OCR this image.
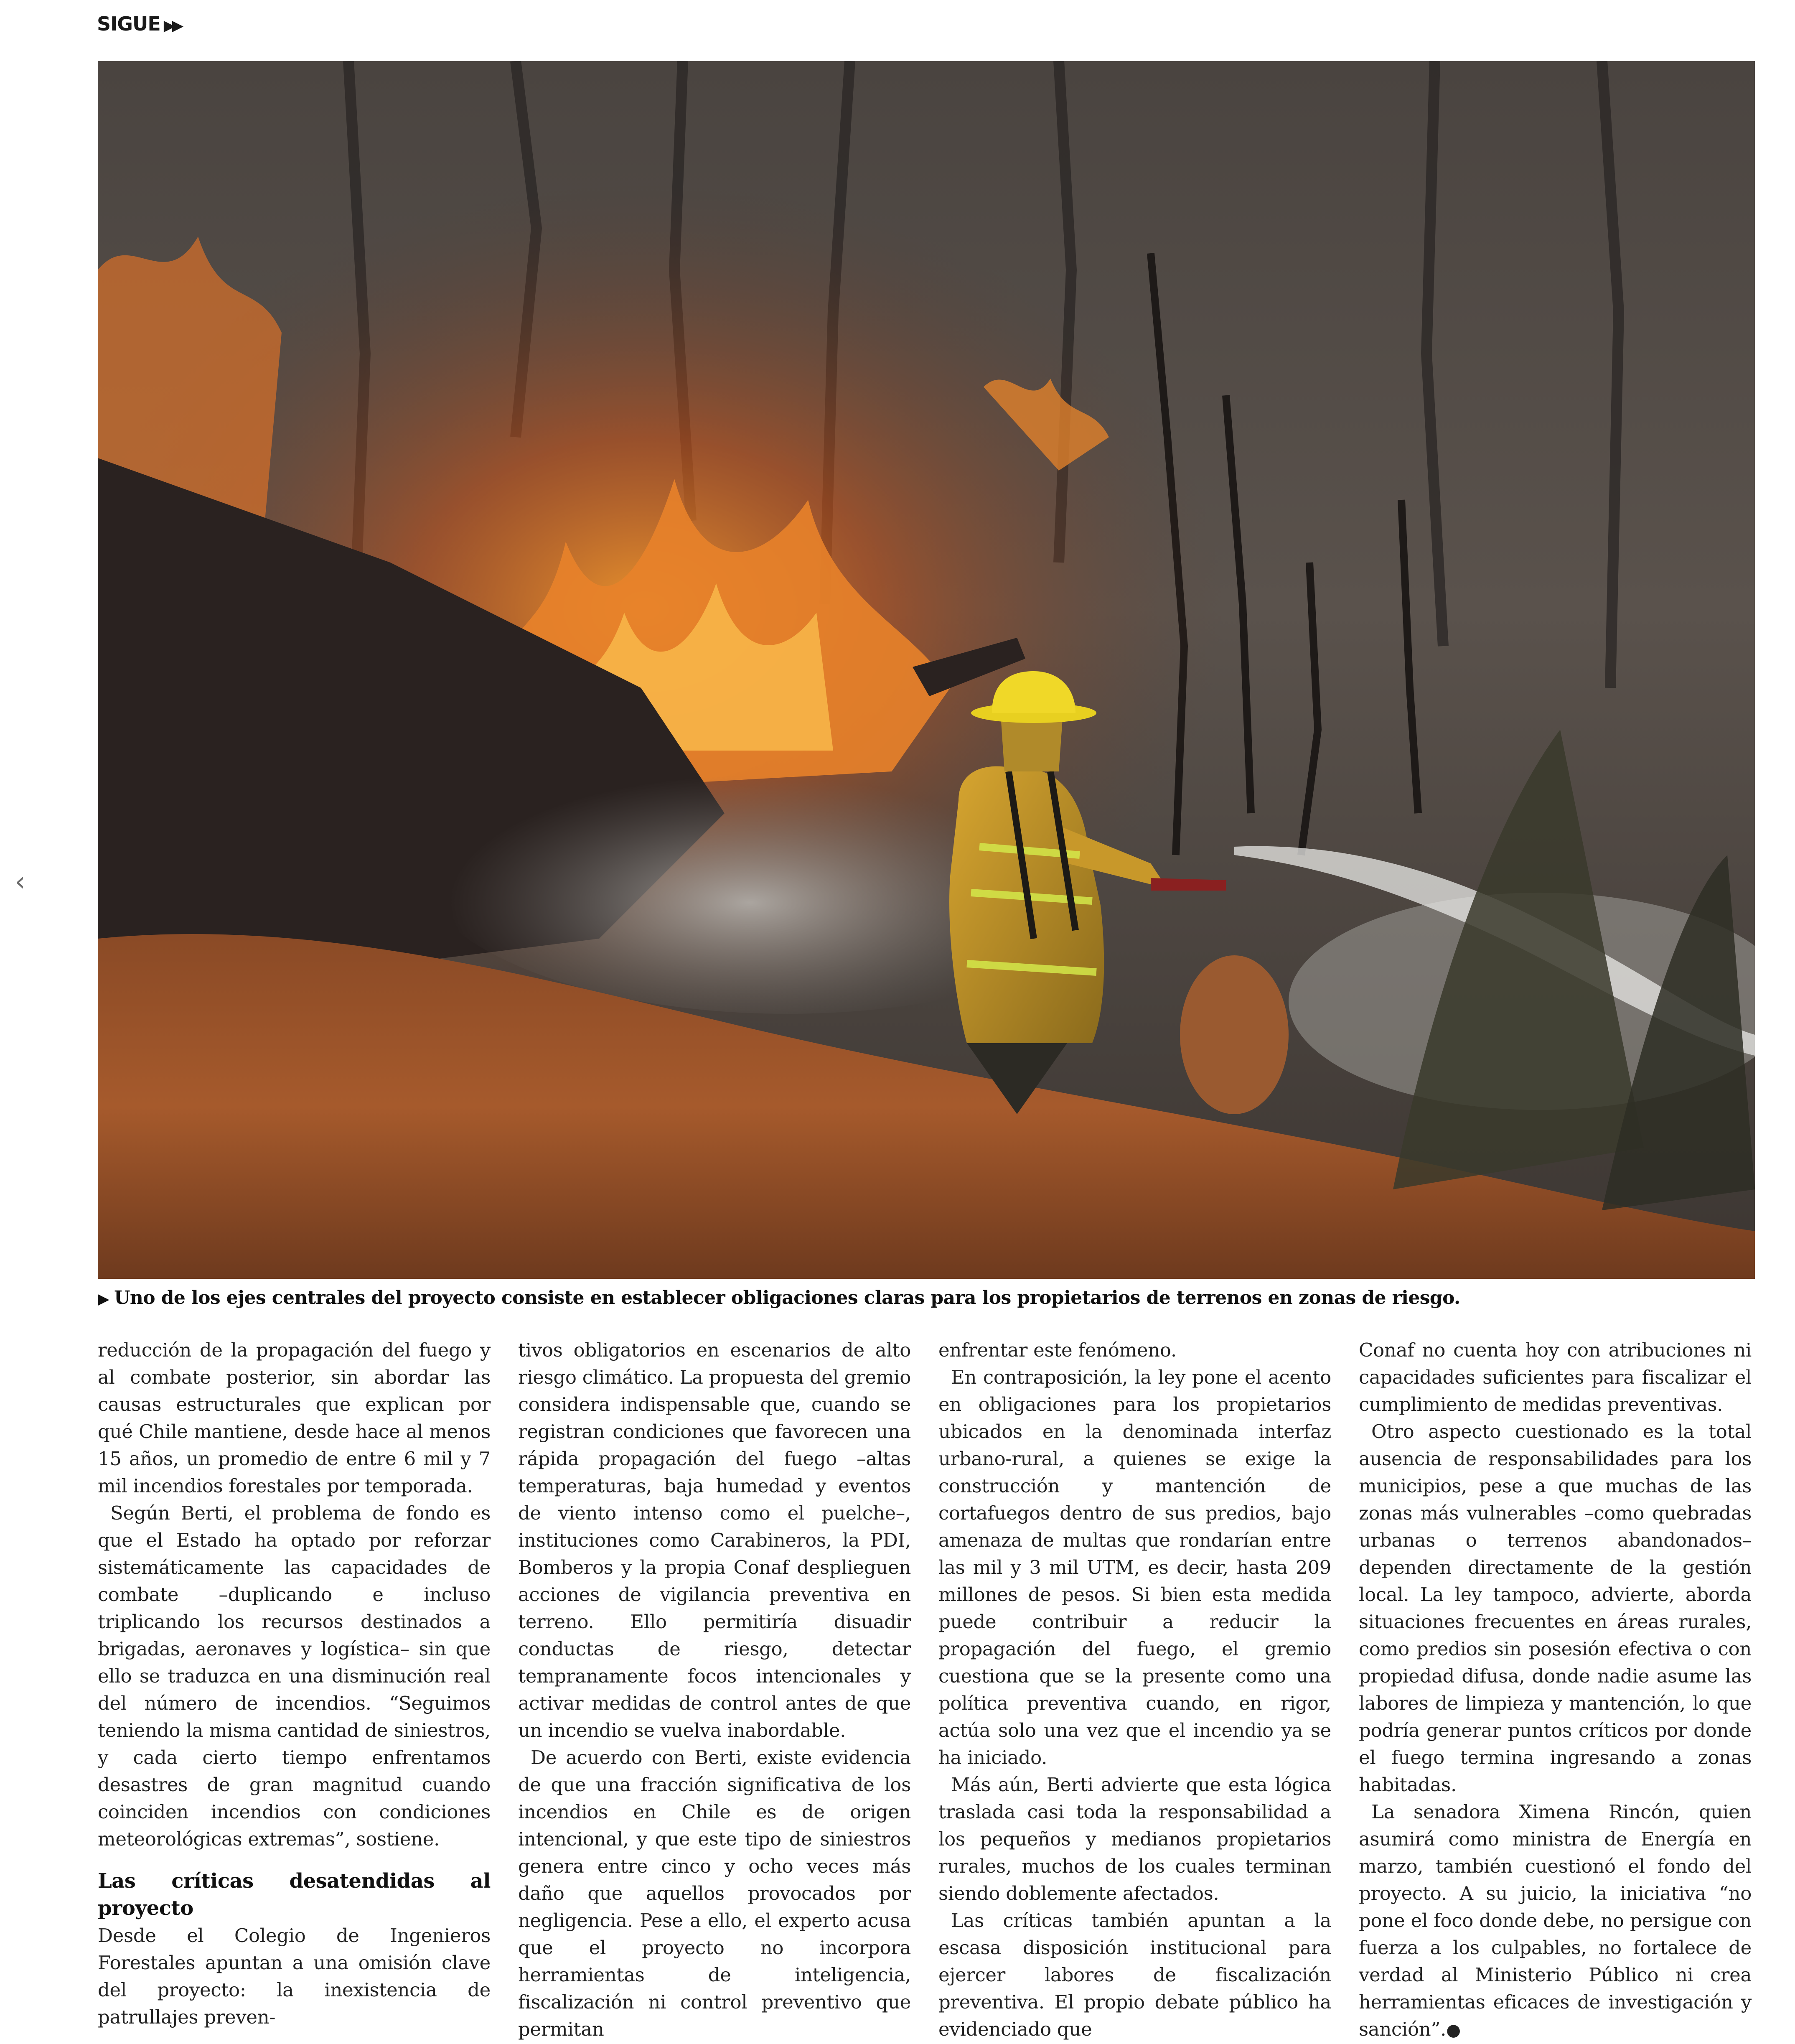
SIGUE ▶▶
‹
▶ Uno de los ejes centrales del proyecto consiste en establecer obligaciones claras para los propietarios de terrenos en zonas de riesgo.

reducción de la propagación del fuego y al combate posterior, sin abordar las causas estructurales que explican por qué Chile mantiene, desde hace al menos 15 años, un promedio de entre 6 mil y 7 mil incendios forestales por temporada.

Según Berti, el problema de fondo es que el Estado ha optado por reforzar sistemáticamente las capacidades de combate –duplicando e incluso triplicando los recursos destinados a brigadas, aeronaves y logística– sin que ello se traduzca en una disminución real del número de incendios. “Seguimos teniendo la misma cantidad de siniestros, y cada cierto tiempo enfrentamos desastres de gran magnitud cuando coinciden incendios con condiciones meteorológicas extremas”, sostiene.

Las críticas desatendidas al proyecto

Desde el Colegio de Ingenieros Forestales apuntan a una omisión clave del proyecto: la inexistencia de patrullajes preven-

tivos obligatorios en escenarios de alto riesgo climático. La propuesta del gremio considera indispensable que, cuando se registran condiciones que favorecen una rápida propagación del fuego –altas temperaturas, baja humedad y eventos de viento intenso como el puelche–, instituciones como Carabineros, la PDI, Bomberos y la propia Conaf desplieguen acciones de vigilancia preventiva en terreno. Ello permitiría disuadir conductas de riesgo, detectar tempranamente focos intencionales y activar medidas de control antes de que un incendio se vuelva inabordable.

De acuerdo con Berti, existe evidencia de que una fracción significativa de los incendios en Chile es de origen intencional, y que este tipo de siniestros genera entre cinco y ocho veces más daño que aquellos provocados por negligencia. Pese a ello, el experto acusa que el proyecto no incorpora herramientas de inteligencia, fiscalización ni control preventivo que permitan

enfrentar este fenómeno.

En contraposición, la ley pone el acento en obligaciones para los propietarios ubicados en la denominada interfaz urbano-rural, a quienes se exige la construcción y mantención de cortafuegos dentro de sus predios, bajo amenaza de multas que rondarían entre las mil y 3 mil UTM, es decir, hasta 209 millones de pesos. Si bien esta medida puede contribuir a reducir la propagación del fuego, el gremio cuestiona que se la presente como una política preventiva cuando, en rigor, actúa solo una vez que el incendio ya se ha iniciado.

Más aún, Berti advierte que esta lógica traslada casi toda la responsabilidad a los pequeños y medianos propietarios rurales, muchos de los cuales terminan siendo doblemente afectados.

Las críticas también apuntan a la escasa disposición institucional para ejercer labores de fiscalización preventiva. El propio debate público ha evidenciado que

Conaf no cuenta hoy con atribuciones ni capacidades suficientes para fiscalizar el cumplimiento de medidas preventivas.

Otro aspecto cuestionado es la total ausencia de responsabilidades para los municipios, pese a que muchas de las zonas más vulnerables –como quebradas urbanas o terrenos abandonados– dependen directamente de la gestión local. La ley tampoco, advierte, aborda situaciones frecuentes en áreas rurales, como predios sin posesión efectiva o con propiedad difusa, donde nadie asume las labores de limpieza y mantención, lo que podría generar puntos críticos por donde el fuego termina ingresando a zonas habitadas.

La senadora Ximena Rincón, quien asumirá como ministra de Energía en marzo, también cuestionó el fondo del proyecto. A su juicio, la iniciativa “no pone el foco donde debe, no persigue con fuerza a los culpables, no fortalece de verdad al Ministerio Público ni crea herramientas eficaces de investigación y sanción”.●
